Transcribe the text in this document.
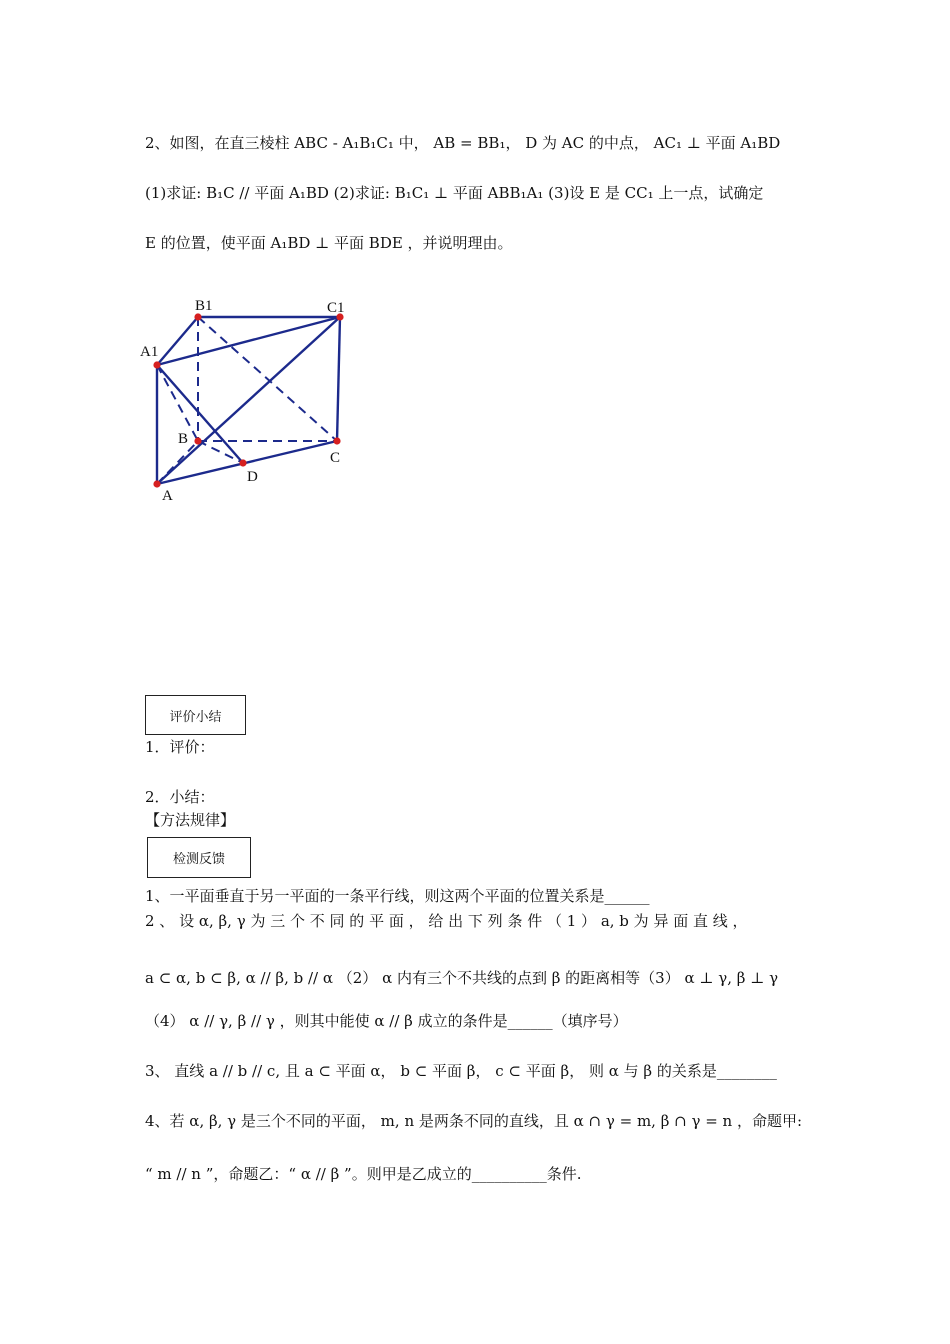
2、如图，在直三棱柱 ABC - A₁B₁C₁ 中， AB = BB₁， D 为 AC 的中点， AC₁ ⊥ 平面 A₁BD
(1)求证: B₁C // 平面 A₁BD (2)求证: B₁C₁ ⊥ 平面 ABB₁A₁ (3)设 E 是 CC₁ 上一点，试确定
E 的位置，使平面 A₁BD ⊥ 平面 BDE ，并说明理由。
B1	C1
A1
B
C
D
A
评价小结
1．评价：
2．小结：
【方法规律】
检测反馈
1、一平面垂直于另一平面的一条平行线，则这两个平面的位置关系是______
2 、 设 α, β, γ 为 三 个 不 同 的 平 面 ， 给 出 下 列 条 件 （ 1 ） a, b 为 异 面 直 线 ，
a ⊂ α, b ⊂ β, α // β, b // α （2） α 内有三个不共线的点到 β 的距离相等（3） α ⊥ γ, β ⊥ γ
（4） α // γ, β // γ ，则其中能使 α // β 成立的条件是______（填序号）
3、 直线 a // b // c, 且 a ⊂ 平面 α， b ⊂ 平面 β， c ⊂ 平面 β， 则 α 与 β 的关系是________
4、若 α, β, γ 是三个不同的平面， m, n 是两条不同的直线，且 α ∩ γ = m, β ∩ γ = n ，命题甲:
“ m // n ”，命题乙：“ α // β ”。则甲是乙成立的__________条件.
